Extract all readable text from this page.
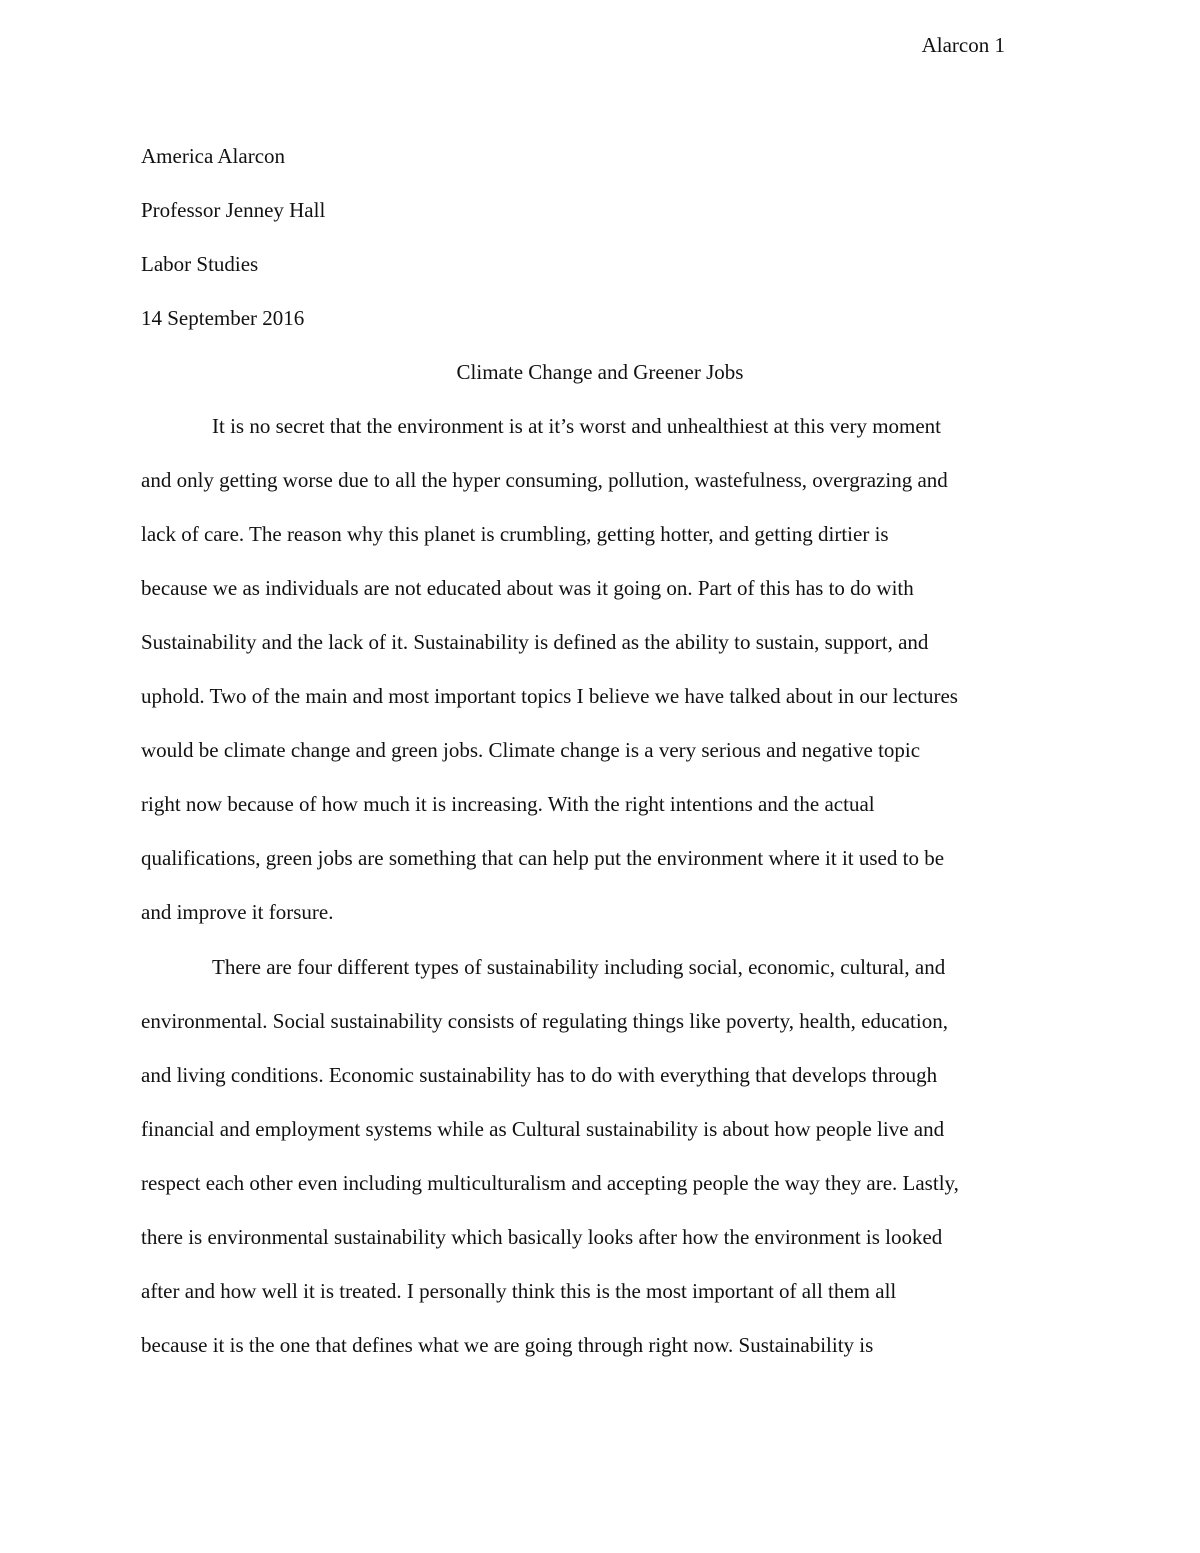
Alarcon 1
America Alarcon
Professor Jenney Hall
Labor Studies
14 September 2016
Climate Change and Greener Jobs
It is no secret that the environment is at it’s worst and unhealthiest at this very moment
and only getting worse due to all the hyper consuming, pollution, wastefulness, overgrazing and
lack of care. The reason why this planet is crumbling, getting hotter, and getting dirtier is
because we as individuals are not educated about was it going on. Part of this has to do with
Sustainability and the lack of it. Sustainability is defined as the ability to sustain, support, and
uphold. Two of the main and most important topics I believe we have talked about in our lectures
would be climate change and green jobs. Climate change is a very serious and negative topic
right now because of how much it is increasing. With the right intentions and the actual
qualifications, green jobs are something that can help put the environment where it it used to be
and improve it forsure.
There are four different types of sustainability including social, economic, cultural, and
environmental. Social sustainability consists of regulating things like poverty, health, education,
and living conditions. Economic sustainability has to do with everything that develops through
financial and employment systems while as Cultural sustainability is about how people live and
respect each other even including multiculturalism and accepting people the way they are. Lastly,
there is environmental sustainability which basically looks after how the environment is looked
after and how well it is treated. I personally think this is the most important of all them all
because it is the one that defines what we are going through right now. Sustainability is
